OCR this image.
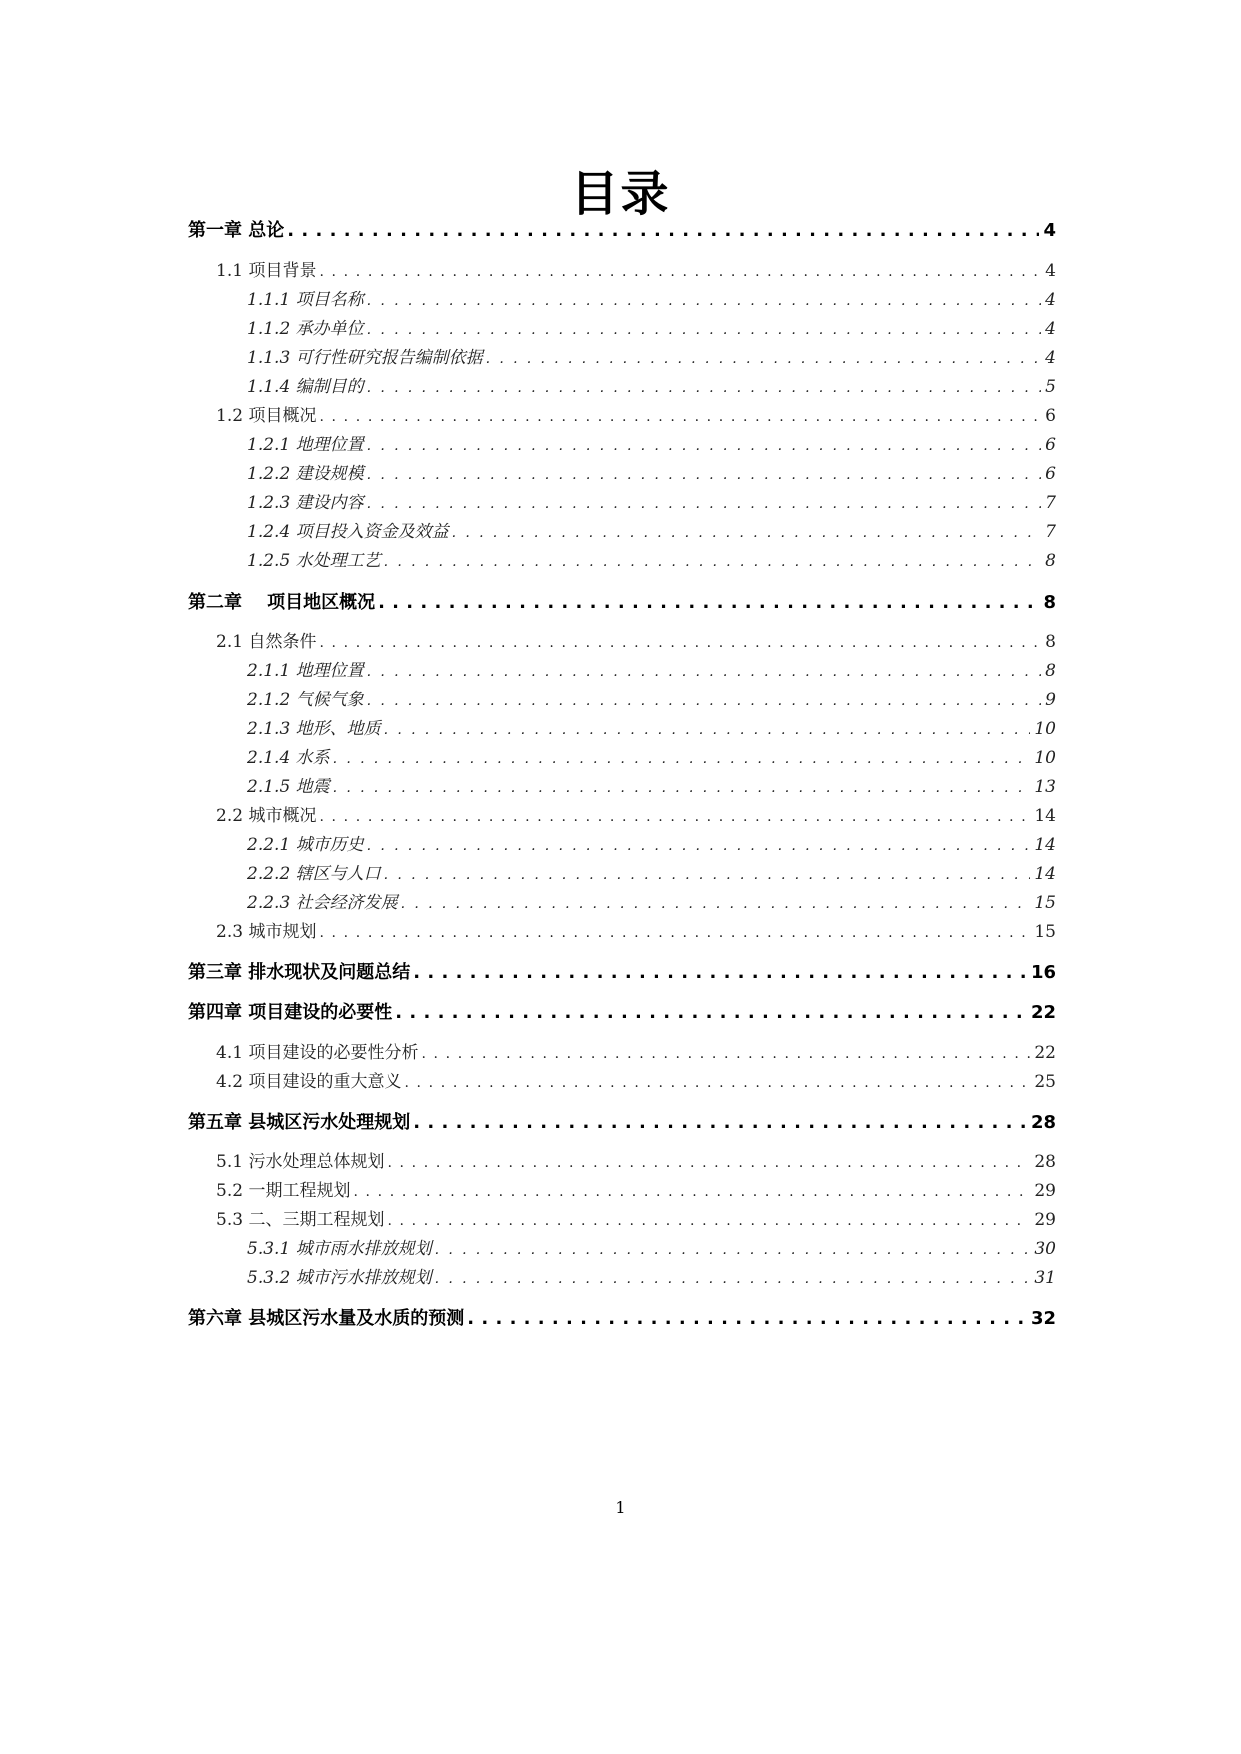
目录
第一章 总论 . . .	4
1.1 项目背景 . . .	4
1.1.1 项目名称 . . .	4
1.1.2 承办单位 . . .	4
1.1.3 可行性研究报告编制依据 . . .	4
1.1.4 编制目的 . . .	5
1.2 项目概况 . . .	6
1.2.1 地理位置 . . .	6
1.2.2 建设规模 . . .	6
1.2.3 建设内容 . . .	7
1.2.4 项目投入资金及效益 . . .	7
1.2.5 水处理工艺 . . .	8
第二章    项目地区概况 . . .	8
2.1 自然条件 . . .	8
2.1.1 地理位置 . . .	8
2.1.2 气候气象 . . .	9
2.1.3 地形、地质 . . .	10
2.1.4 水系 . . .	10
2.1.5 地震 . . .	13
2.2 城市概况 . . .	14
2.2.1 城市历史 . . .	14
2.2.2 辖区与人口 . . .	14
2.2.3 社会经济发展 . . .	15
2.3 城市规划 . . .	15
第三章 排水现状及问题总结 . . .	16
第四章 项目建设的必要性 . . .	22
4.1 项目建设的必要性分析 . . .	22
4.2 项目建设的重大意义 . . .	25
第五章 县城区污水处理规划 . . .	28
5.1 污水处理总体规划 . . .	28
5.2 一期工程规划 . . .	29
5.3 二、三期工程规划 . . .	29
5.3.1 城市雨水排放规划 . . .	30
5.3.2 城市污水排放规划 . . .	31
第六章 县城区污水量及水质的预测 . . .	32
1
